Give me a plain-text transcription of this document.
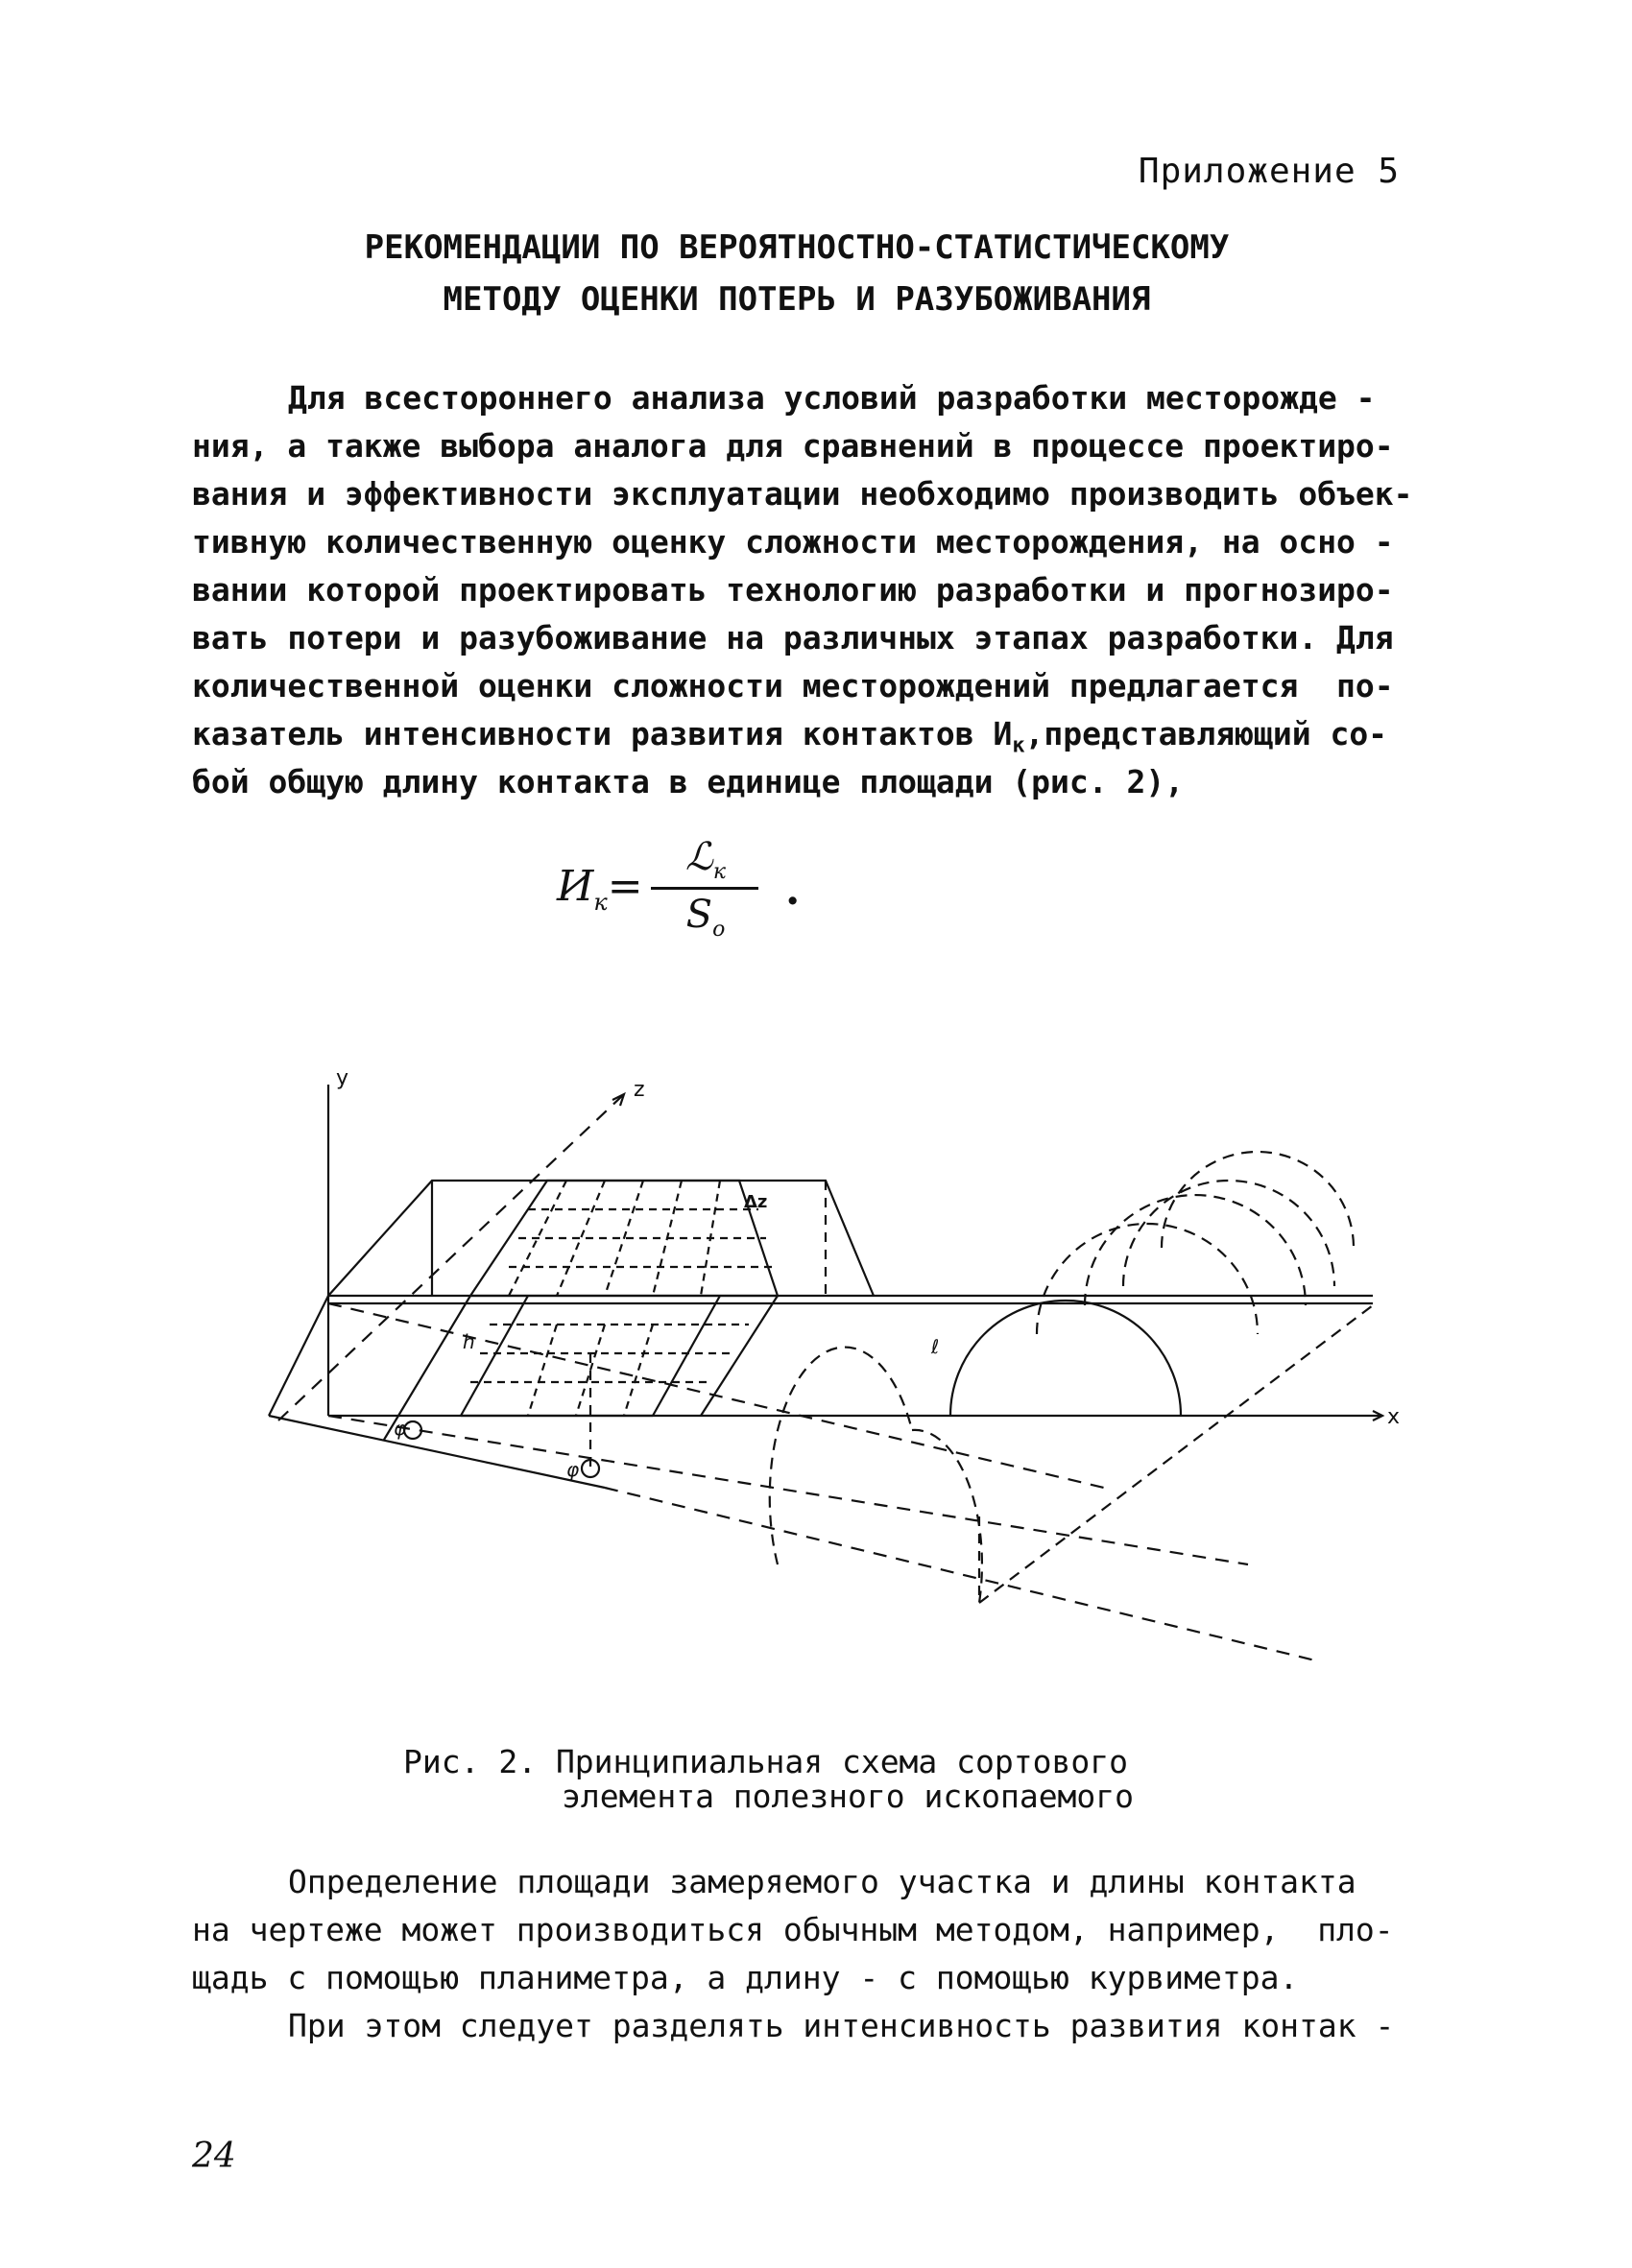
Приложение 5
РЕКОМЕНДАЦИИ ПО ВЕРОЯТНОСТНО-СТАТИСТИЧЕСКОМУ
МЕТОДУ ОЦЕНКИ ПОТЕРЬ И РАЗУБОЖИВАНИЯ
Для всестороннего анализа условий разработки месторожде -
ния, а также выбора аналога для сравнений в процессе проектиро-
вания и эффективности эксплуатации необходимо производить объек-
тивную количественную оценку сложности месторождения, на осно -
вании которой проектировать технологию разработки и прогнозиро-
вать потери и разубоживание на различных этапах разработки. Для
количественной оценки сложности месторождений предлагается  по-
казатель интенсивности развития контактов $И_к,представляющий$ со-
бой общую длину контакта в единице площади (рис. 2),
$И_к=$
ℒ$_к$
$S_o$
.
y	z
x
Δz
h	ℓ
φ
φ
Рис. 2. Принципиальная схема сортового
элемента полезного ископаемого
Определение площади замеряемого участка и длины контакта
на чертеже может производиться обычным методом, например,  пло-
щадь с помощью планиметра, а длину - с помощью курвиметра.
При этом следует разделять интенсивность развития контак -
24
